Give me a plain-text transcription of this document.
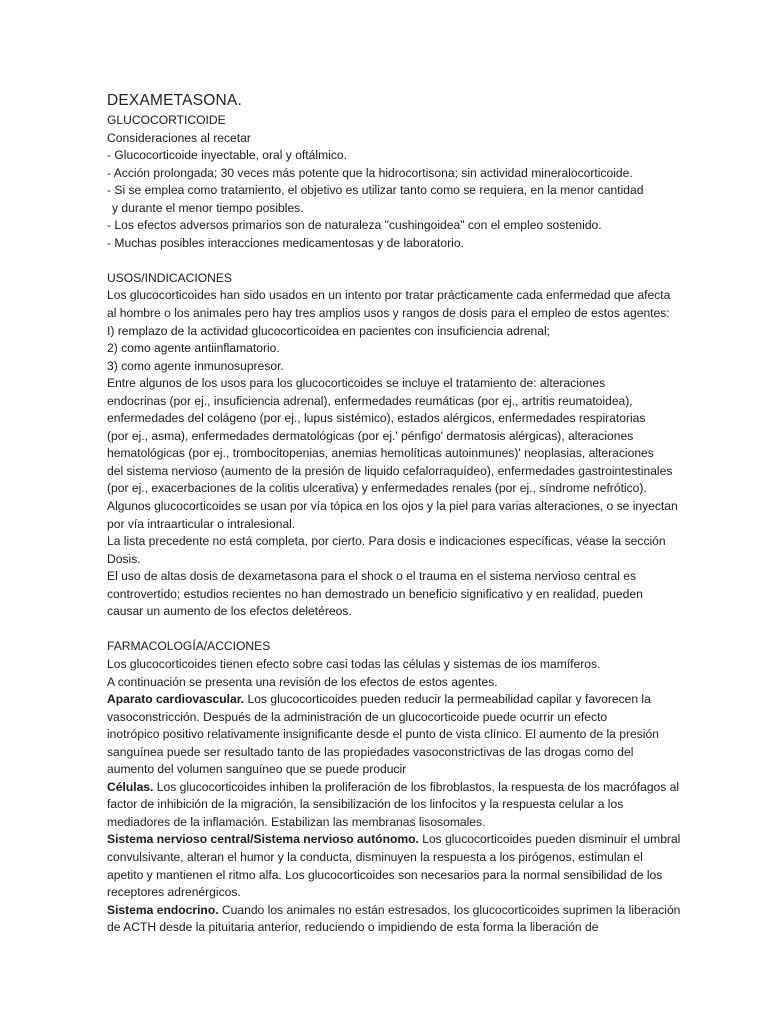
DEXAMETASONA.
GLUCOCORTICOIDE
Consideraciones al recetar
- Glucocorticoide inyectable, oral y oftálmico.
- Acción prolongada; 30 veces más potente que la hidrocortisona; sin actividad mineralocorticoide.
- Si se emplea como tratamiento, el objetivo es utilizar tanto como se requiera, en la menor cantidad
y durante el menor tiempo posibles.
- Los efectos adversos primarios son de naturaleza "cushingoidea" con el empleo sostenido.
- Muchas posibles interacciones medicamentosas y de laboratorio.
USOS/INDICACIONES
Los glucocorticoides han sido usados en un intento por tratar prácticamente cada enfermedad que afecta
al hombre o los animales pero hay tres amplios usos y rangos de dosis para el empleo de estos agentes:
I) remplazo de la actividad glucocorticoidea en pacientes con insuficiencia adrenal;
2) como agente antiinflamatorio.
3) como agente inmunosupresor.
Entre algunos de los usos para los glucocorticoides se incluye el tratamiento de: alteraciones
endocrinas (por ej., insuficiencia adrenal), enfermedades reumáticas (por ej., artritis reumatoidea),
enfermedades del colágeno (por ej., lupus sistémico), estados alérgicos, enfermedades respiratorias
(por ej., asma), enfermedades dermatológicas (por ej.' pénfigo' dermatosis alérgicas), alteraciones
hematológicas (por ej., trombocitopenias, anemias hemolíticas autoinmunes)' neoplasias, alteraciones
del sistema nervioso (aumento de la presión de liquido cefalorraquídeo), enfermedades gastrointestinales
(por ej., exacerbaciones de la colitis ulcerativa) y enfermedades renales (por ej., síndrome nefrótico).
Algunos glucocorticoides se usan por vía tópica en los ojos y la piel para varias alteraciones, o se inyectan
por vía intraarticular o intralesional.
La lista precedente no está completa, por cierto. Para dosis e indicaciones específicas, véase la sección
Dosis.
El uso de altas dosis de dexametasona para el shock o el trauma en el sistema nervioso central es
controvertido; estudios recientes no han demostrado un beneficio significativo y en realidad, pueden
causar un aumento de los efectos deletéreos.
FARMACOLOGÍA/ACCIONES
Los glucocorticoides tienen efecto sobre casi todas las células y sistemas de ios mamíferos.
A continuación se presenta una revisión de los efectos de estos agentes.
Aparato cardiovascular. Los glucocorticoides pueden reducir la permeabilidad capilar y favorecen la
vasoconstricción. Después de la administración de un glucocorticoide puede ocurrir un efecto
inotrópico positivo relativamente insignificante desde el punto de vista clínico. El aumento de la presión
sanguínea puede ser resultado tanto de las propiedades vasoconstrictivas de las drogas como del
aumento del volumen sanguíneo que se puede producir
Células. Los glucocorticoides inhiben la proliferación de los fibroblastos, la respuesta de los macrófagos al
factor de inhibición de la migración, la sensibilización de los linfocitos y la respuesta celular a los
mediadores de la inflamación. Estabilizan las membranas lisosomales.
Sistema nervioso central/Sistema nervioso autónomo. Los glucocorticoides pueden disminuir el umbral
convulsivante, alteran el humor y la conducta, disminuyen la respuesta a los pirógenos, estimulan el
apetito y mantienen el ritmo alfa. Los glucocorticoides son necesarios para la normal sensibilidad de los
receptores adrenérgicos.
Sistema endocrino. Cuando los animales no están estresados, los glucocorticoides suprimen la liberación
de ACTH desde la pituitaria anterior, reduciendo o impidiendo de esta forma la liberación de
